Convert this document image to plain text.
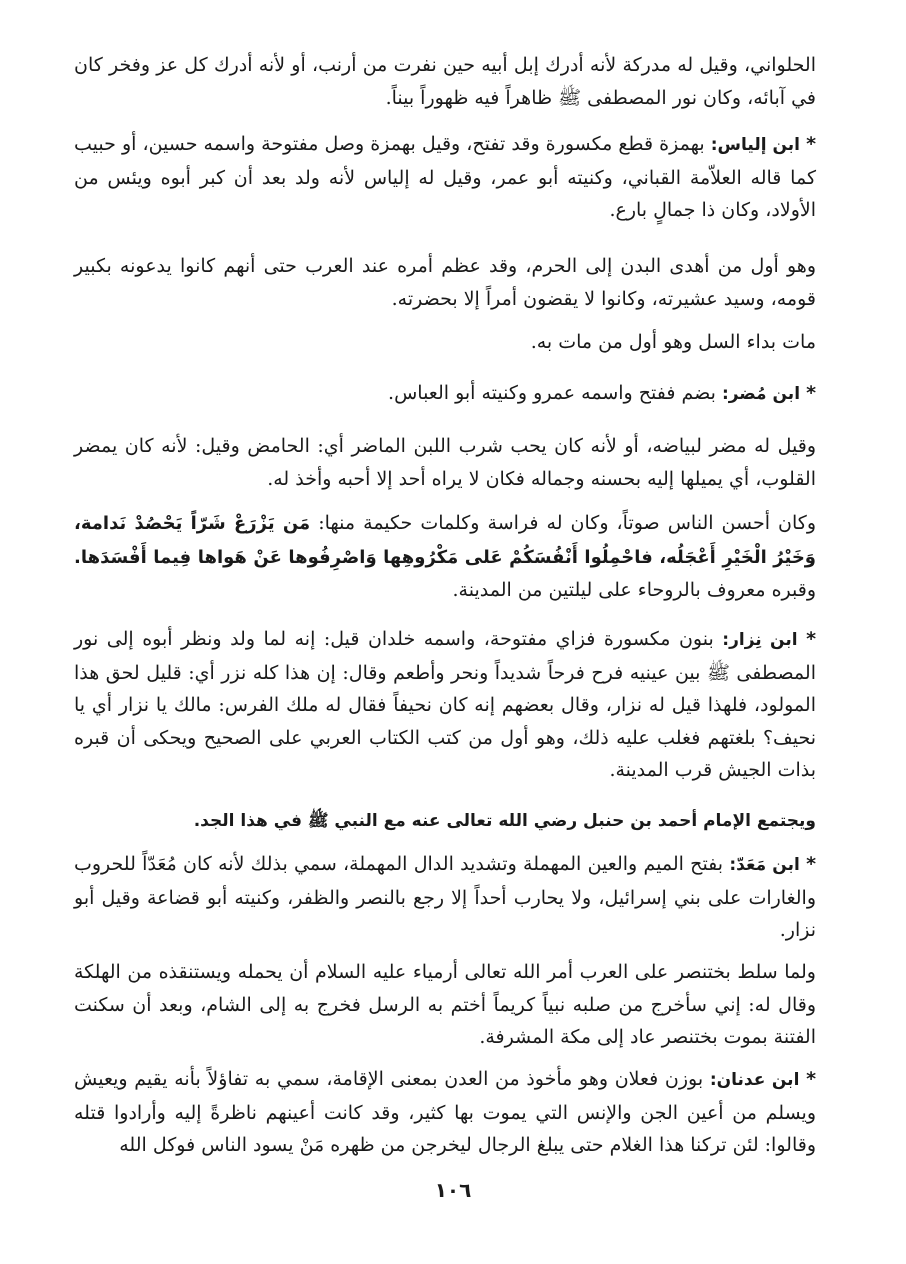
الحلواني، وقيل له مدركة لأنه أدرك إبل أبيه حين نفرت من أرنب، أو لأنه أدرك كل عز وفخر كان في آبائه، وكان نور المصطفى ﷺ ظاهراً فيه ظهوراً بيناً.

* ابن إلياس: بهمزة قطع مكسورة وقد تفتح، وقيل بهمزة وصل مفتوحة واسمه حسين، أو حبيب كما قاله العلاّمة القباني، وكنيته أبو عمر، وقيل له إلياس لأنه ولد بعد أن كبر أبوه ويئس من الأولاد، وكان ذا جمالٍ بارع.

وهو أول من أهدى البدن إلى الحرم، وقد عظم أمره عند العرب حتى أنهم كانوا يدعونه بكبير قومه، وسيد عشيرته، وكانوا لا يقضون أمراً إلا بحضرته.

مات بداء السل وهو أول من مات به.

* ابن مُضر: بضم ففتح واسمه عمرو وكنيته أبو العباس.

وقيل له مضر لبياضه، أو لأنه كان يحب شرب اللبن الماضر أي: الحامض وقيل: لأنه كان يمضر القلوب، أي يميلها إليه بحسنه وجماله فكان لا يراه أحد إلا أحبه وأخذ له.

وكان أحسن الناس صوتاً، وكان له فراسة وكلمات حكيمة منها: مَن يَزْرَعْ شَرّاً يَحْصُدْ نَدامة، وَخَيْرُ الْخَيْرِ أَعْجَلُه، فاحْمِلُوا أَنْفُسَكُمْ عَلى مَكْرُوهِها وَاصْرِفُوها عَنْ هَواها فِيما أَفْسَدَها. وقبره معروف بالروحاء على ليلتين من المدينة.

* ابن نِزار: بنون مكسورة فزاي مفتوحة، واسمه خلدان قيل: إنه لما ولد ونظر أبوه إلى نور المصطفى ﷺ بين عينيه فرح فرحاً شديداً ونحر وأطعم وقال: إن هذا كله نزر أي: قليل لحق هذا المولود، فلهذا قيل له نزار، وقال بعضهم إنه كان نحيفاً فقال له ملك الفرس: مالك يا نزار أي يا نحيف؟ بلغتهم فغلب عليه ذلك، وهو أول من كتب الكتاب العربي على الصحيح ويحكى أن قبره بذات الجيش قرب المدينة.

ويجتمع الإمام أحمد بن حنبل رضي الله تعالى عنه مع النبي ﷺ في هذا الجد.

* ابن مَعَدّ: بفتح الميم والعين المهملة وتشديد الدال المهملة، سمي بذلك لأنه كان مُعَدّاً للحروب والغارات على بني إسرائيل، ولا يحارب أحداً إلا رجع بالنصر والظفر، وكنيته أبو قضاعة وقيل أبو نزار.

ولما سلط بختنصر على العرب أمر الله تعالى أرمياء عليه السلام أن يحمله ويستنقذه من الهلكة وقال له: إني سأخرج من صلبه نبياً كريماً أختم به الرسل فخرج به إلى الشام، وبعد أن سكنت الفتنة بموت بختنصر عاد إلى مكة المشرفة.

* ابن عدنان: بوزن فعلان وهو مأخوذ من العدن بمعنى الإقامة، سمي به تفاؤلاً بأنه يقيم ويعيش ويسلم من أعين الجن والإنس التي يموت بها كثير، وقد كانت أعينهم ناظرةً إليه وأرادوا قتله وقالوا: لئن تركنا هذا الغلام حتى يبلغ الرجال ليخرجن من ظهره مَنْ يسود الناس فوكل الله

١٠٦
